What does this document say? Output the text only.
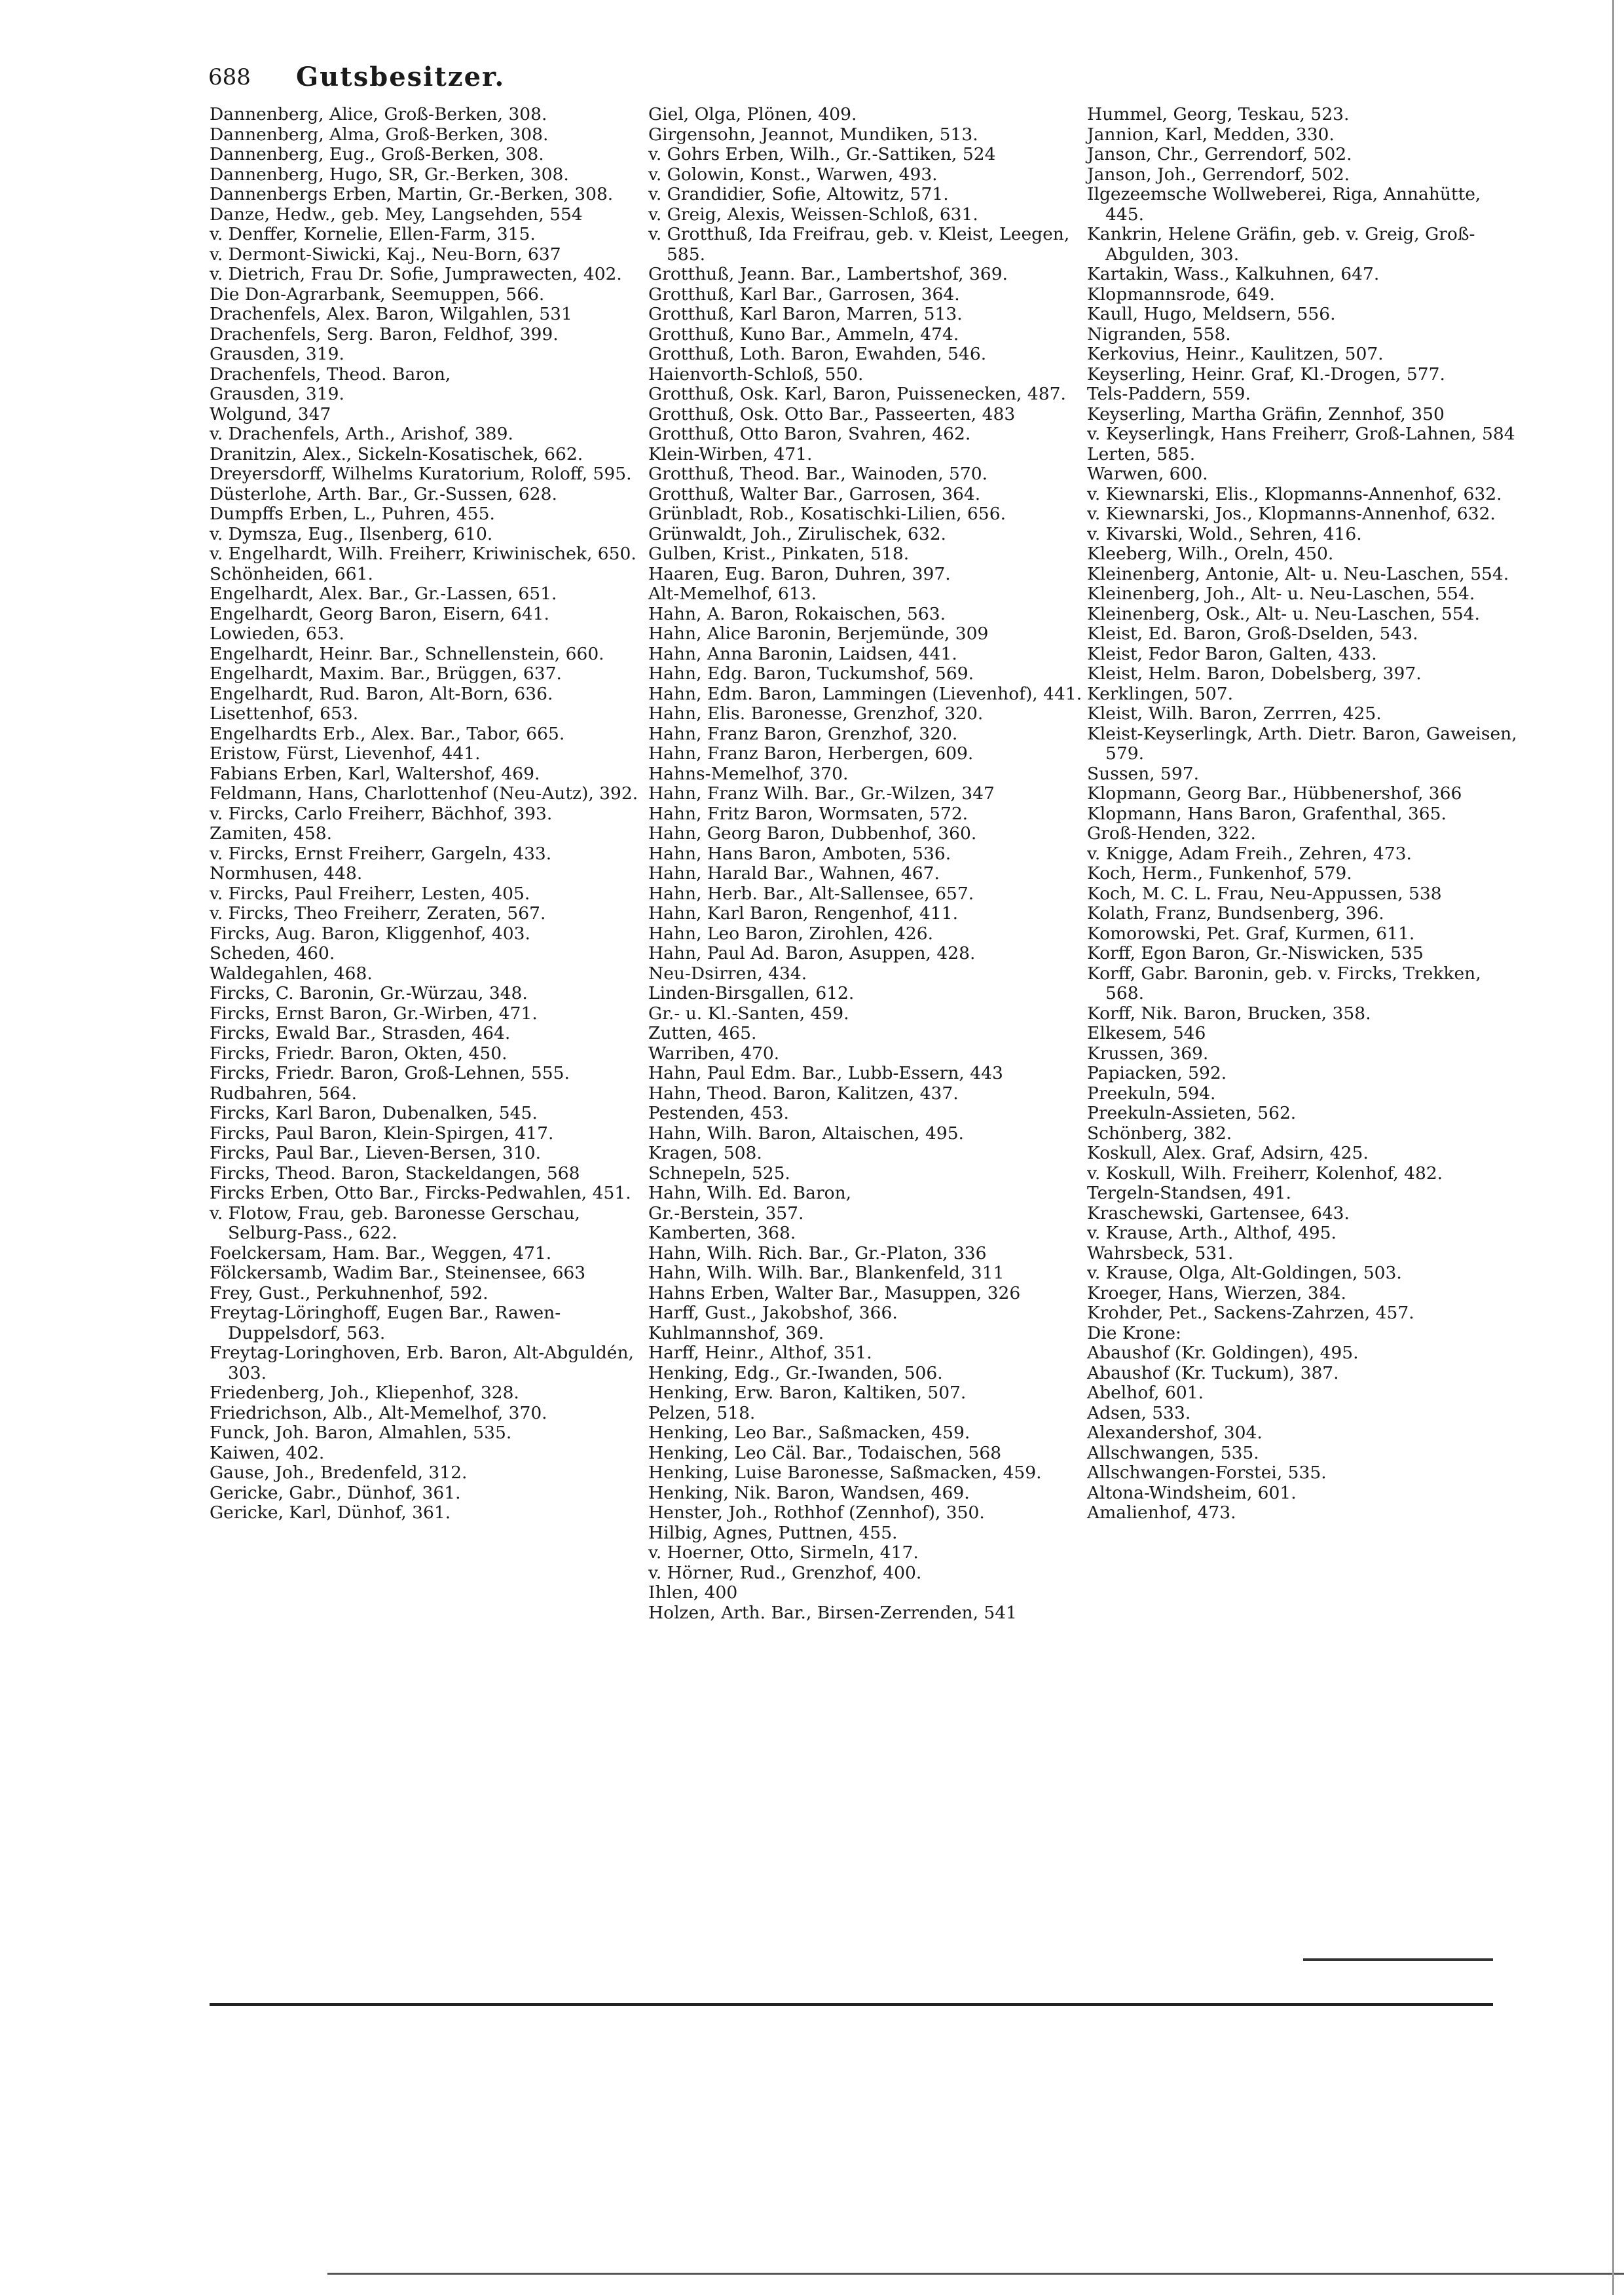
688 Gutsbesitzer.

Dannenberg, Alice, Groß-Berken, 308.

Dannenberg, Alma, Groß-Berken, 308.

Dannenberg, Eug., Groß-Berken, 308.

Dannenberg, Hugo, SR, Gr.-Berken, 308.

Dannenbergs Erben, Martin, Gr.-Berken, 308.

Danze, Hedw., geb. Mey, Langsehden, 554

v. Denffer, Kornelie, Ellen-Farm, 315.

v. Dermont-Siwicki, Kaj., Neu-Born, 637

v. Dietrich, Frau Dr. Sofie, Jumprawecten, 402.

Die Don-Agrarbank, Seemuppen, 566.

Drachenfels, Alex. Baron, Wilgahlen, 531

Drachenfels, Serg. Baron, Feldhof, 399.

Grausden, 319.

Drachenfels, Theod. Baron,

Grausden, 319.

Wolgund, 347

v. Drachenfels, Arth., Arishof, 389.

Dranitzin, Alex., Sickeln-Kosatischek, 662.

Dreyersdorff, Wilhelms Kuratorium, Roloff, 595.

Düsterlohe, Arth. Bar., Gr.-Sussen, 628.

Dumpffs Erben, L., Puhren, 455.

v. Dymsza, Eug., Ilsenberg, 610.

v. Engelhardt, Wilh. Freiherr, Kriwinischek, 650.

Schönheiden, 661.

Engelhardt, Alex. Bar., Gr.-Lassen, 651.

Engelhardt, Georg Baron, Eisern, 641.

Lowieden, 653.

Engelhardt, Heinr. Bar., Schnellenstein, 660.

Engelhardt, Maxim. Bar., Brüggen, 637.

Engelhardt, Rud. Baron, Alt-Born, 636.

Lisettenhof, 653.

Engelhardts Erb., Alex. Bar., Tabor, 665.

Eristow, Fürst, Lievenhof, 441.

Fabians Erben, Karl, Waltershof, 469.

Feldmann, Hans, Charlottenhof (Neu-Autz), 392.

v. Fircks, Carlo Freiherr, Bächhof, 393.

Zamiten, 458.

v. Fircks, Ernst Freiherr, Gargeln, 433.

Normhusen, 448.

v. Fircks, Paul Freiherr, Lesten, 405.

v. Fircks, Theo Freiherr, Zeraten, 567.

Fircks, Aug. Baron, Kliggenhof, 403.

Scheden, 460.

Waldegahlen, 468.

Fircks, C. Baronin, Gr.-Würzau, 348.

Fircks, Ernst Baron, Gr.-Wirben, 471.

Fircks, Ewald Bar., Strasden, 464.

Fircks, Friedr. Baron, Okten, 450.

Fircks, Friedr. Baron, Groß-Lehnen, 555.

Rudbahren, 564.

Fircks, Karl Baron, Dubenalken, 545.

Fircks, Paul Baron, Klein-Spirgen, 417.

Fircks, Paul Bar., Lieven-Bersen, 310.

Fircks, Theod. Baron, Stackeldangen, 568

Fircks Erben, Otto Bar., Fircks-Pedwahlen, 451.

v. Flotow, Frau, geb. Baronesse Gerschau, Selburg-Pass., 622.

Foelckersam, Ham. Bar., Weggen, 471.

Fölckersamb, Wadim Bar., Steinensee, 663

Frey, Gust., Perkuhnenhof, 592.

Freytag-Löringhoff, Eugen Bar., Rawen-Duppelsdorf, 563.

Freytag-Loringhoven, Erb. Baron, Alt-Abguldén, 303.

Friedenberg, Joh., Kliepenhof, 328.

Friedrichson, Alb., Alt-Memelhof, 370.

Funck, Joh. Baron, Almahlen, 535.

Kaiwen, 402.

Gause, Joh., Bredenfeld, 312.

Gericke, Gabr., Dünhof, 361.

Gericke, Karl, Dünhof, 361.

Giel, Olga, Plönen, 409.

Girgensohn, Jeannot, Mundiken, 513.

v. Gohrs Erben, Wilh., Gr.-Sattiken, 524

v. Golowin, Konst., Warwen, 493.

v. Grandidier, Sofie, Altowitz, 571.

v. Greig, Alexis, Weissen-Schloß, 631.

v. Grotthuß, Ida Freifrau, geb. v. Kleist, Leegen, 585.

Grotthuß, Jeann. Bar., Lambertshof, 369.

Grotthuß, Karl Bar., Garrosen, 364.

Grotthuß, Karl Baron, Marren, 513.

Grotthuß, Kuno Bar., Ammeln, 474.

Grotthuß, Loth. Baron, Ewahden, 546.

Haienvorth-Schloß, 550.

Grotthuß, Osk. Karl, Baron, Puissenecken, 487.

Grotthuß, Osk. Otto Bar., Passeerten, 483

Grotthuß, Otto Baron, Svahren, 462.

Klein-Wirben, 471.

Grotthuß, Theod. Bar., Wainoden, 570.

Grotthuß, Walter Bar., Garrosen, 364.

Grünbladt, Rob., Kosatischki-Lilien, 656.

Grünwaldt, Joh., Zirulischek, 632.

Gulben, Krist., Pinkaten, 518.

Haaren, Eug. Baron, Duhren, 397.

Alt-Memelhof, 613.

Hahn, A. Baron, Rokaischen, 563.

Hahn, Alice Baronin, Berjemünde, 309

Hahn, Anna Baronin, Laidsen, 441.

Hahn, Edg. Baron, Tuckumshof, 569.

Hahn, Edm. Baron, Lammingen (Lievenhof), 441.

Hahn, Elis. Baronesse, Grenzhof, 320.

Hahn, Franz Baron, Grenzhof, 320.

Hahn, Franz Baron, Herbergen, 609.

Hahns-Memelhof, 370.

Hahn, Franz Wilh. Bar., Gr.-Wilzen, 347

Hahn, Fritz Baron, Wormsaten, 572.

Hahn, Georg Baron, Dubbenhof, 360.

Hahn, Hans Baron, Amboten, 536.

Hahn, Harald Bar., Wahnen, 467.

Hahn, Herb. Bar., Alt-Sallensee, 657.

Hahn, Karl Baron, Rengenhof, 411.

Hahn, Leo Baron, Zirohlen, 426.

Hahn, Paul Ad. Baron, Asuppen, 428.

Neu-Dsirren, 434.

Linden-Birsgallen, 612.

Gr.- u. Kl.-Santen, 459.

Zutten, 465.

Warriben, 470.

Hahn, Paul Edm. Bar., Lubb-Essern, 443

Hahn, Theod. Baron, Kalitzen, 437.

Pestenden, 453.

Hahn, Wilh. Baron, Altaischen, 495.

Kragen, 508.

Schnepeln, 525.

Hahn, Wilh. Ed. Baron,

Gr.-Berstein, 357.

Kamberten, 368.

Hahn, Wilh. Rich. Bar., Gr.-Platon, 336

Hahn, Wilh. Wilh. Bar., Blankenfeld, 311

Hahns Erben, Walter Bar., Masuppen, 326

Harff, Gust., Jakobshof, 366.

Kuhlmannshof, 369.

Harff, Heinr., Althof, 351.

Henking, Edg., Gr.-Iwanden, 506.

Henking, Erw. Baron, Kaltiken, 507.

Pelzen, 518.

Henking, Leo Bar., Saßmacken, 459.

Henking, Leo Cäl. Bar., Todaischen, 568

Henking, Luise Baronesse, Saßmacken, 459.

Henking, Nik. Baron, Wandsen, 469.

Henster, Joh., Rothhof (Zennhof), 350.

Hilbig, Agnes, Puttnen, 455.

v. Hoerner, Otto, Sirmeln, 417.

v. Hörner, Rud., Grenzhof, 400.

Ihlen, 400

Holzen, Arth. Bar., Birsen-Zerrenden, 541

Hummel, Georg, Teskau, 523.

Jannion, Karl, Medden, 330.

Janson, Chr., Gerrendorf, 502.

Janson, Joh., Gerrendorf, 502.

Ilgezeemsche Wollweberei, Riga, Annahütte, 445.

Kankrin, Helene Gräfin, geb. v. Greig, Groß-Abgulden, 303.

Kartakin, Wass., Kalkuhnen, 647.

Klopmannsrode, 649.

Kaull, Hugo, Meldsern, 556.

Nigranden, 558.

Kerkovius, Heinr., Kaulitzen, 507.

Keyserling, Heinr. Graf, Kl.-Drogen, 577.

Tels-Paddern, 559.

Keyserling, Martha Gräfin, Zennhof, 350

v. Keyserlingk, Hans Freiherr, Groß-Lahnen, 584

Lerten, 585.

Warwen, 600.

v. Kiewnarski, Elis., Klopmanns-Annenhof, 632.

v. Kiewnarski, Jos., Klopmanns-Annenhof, 632.

v. Kivarski, Wold., Sehren, 416.

Kleeberg, Wilh., Oreln, 450.

Kleinenberg, Antonie, Alt- u. Neu-Laschen, 554.

Kleinenberg, Joh., Alt- u. Neu-Laschen, 554.

Kleinenberg, Osk., Alt- u. Neu-Laschen, 554.

Kleist, Ed. Baron, Groß-Dselden, 543.

Kleist, Fedor Baron, Galten, 433.

Kleist, Helm. Baron, Dobelsberg, 397.

Kerklingen, 507.

Kleist, Wilh. Baron, Zerrren, 425.

Kleist-Keyserlingk, Arth. Dietr. Baron, Gaweisen, 579.

Sussen, 597.

Klopmann, Georg Bar., Hübbenershof, 366

Klopmann, Hans Baron, Grafenthal, 365.

Groß-Henden, 322.

v. Knigge, Adam Freih., Zehren, 473.

Koch, Herm., Funkenhof, 579.

Koch, M. C. L. Frau, Neu-Appussen, 538

Kolath, Franz, Bundsenberg, 396.

Komorowski, Pet. Graf, Kurmen, 611.

Korff, Egon Baron, Gr.-Niswicken, 535

Korff, Gabr. Baronin, geb. v. Fircks, Trekken, 568.

Korff, Nik. Baron, Brucken, 358.

Elkesem, 546

Krussen, 369.

Papiacken, 592.

Preekuln, 594.

Preekuln-Assieten, 562.

Schönberg, 382.

Koskull, Alex. Graf, Adsirn, 425.

v. Koskull, Wilh. Freiherr, Kolenhof, 482.

Tergeln-Standsen, 491.

Kraschewski, Gartensee, 643.

v. Krause, Arth., Althof, 495.

Wahrsbeck, 531.

v. Krause, Olga, Alt-Goldingen, 503.

Kroeger, Hans, Wierzen, 384.

Krohder, Pet., Sackens-Zahrzen, 457.

Die Krone:

Abaushof (Kr. Goldingen), 495.

Abaushof (Kr. Tuckum), 387.

Abelhof, 601.

Adsen, 533.

Alexandershof, 304.

Allschwangen, 535.

Allschwangen-Forstei, 535.

Altona-Windsheim, 601.

Amalienhof, 473.
